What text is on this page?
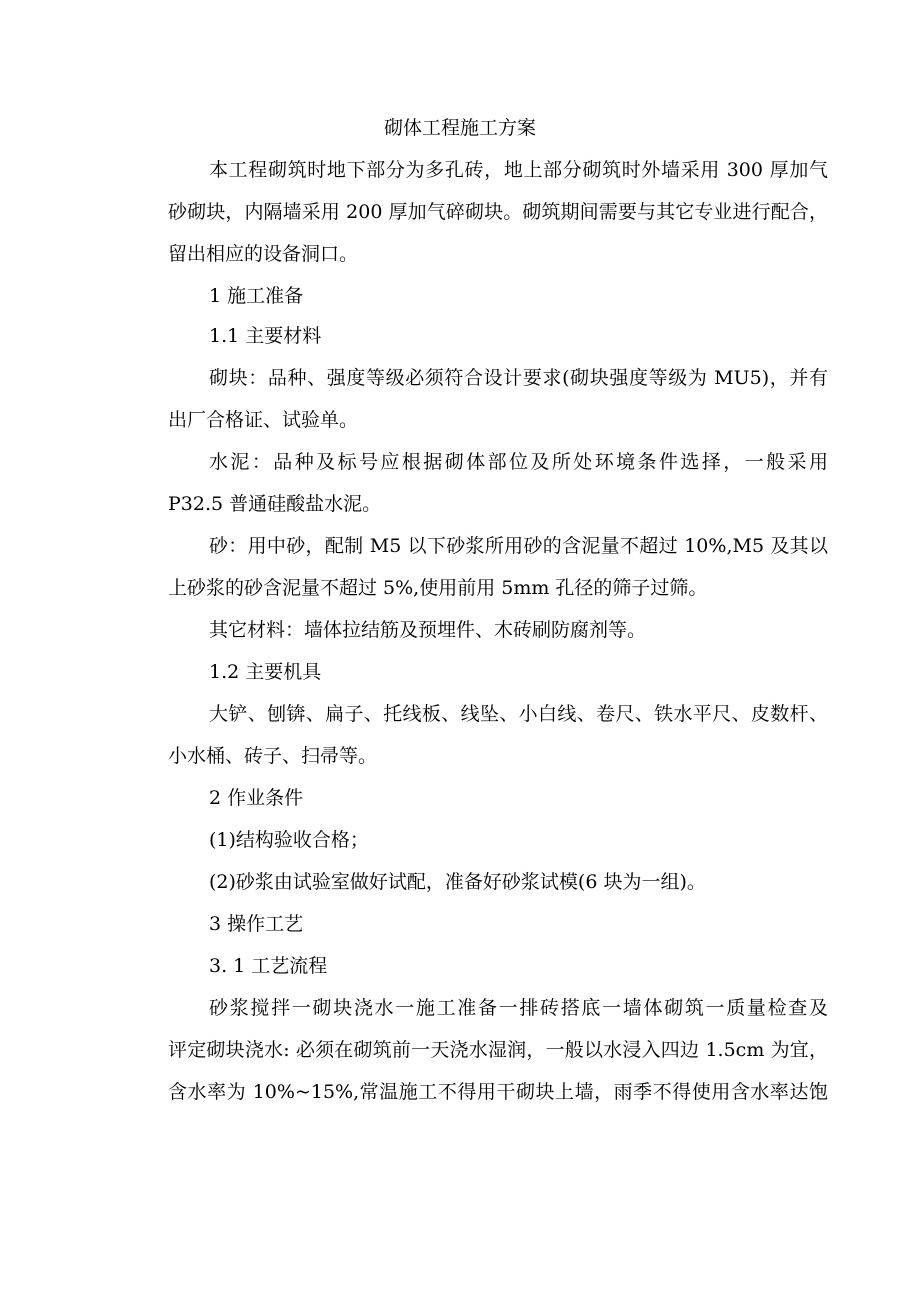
砌体工程施工方案

本工程砌筑时地下部分为多孔砖，地上部分砌筑时外墙采用 300 厚加气

砂砌块，内隔墙采用 200 厚加气碎砌块。砌筑期间需要与其它专业进行配合，

留出相应的设备洞口。

1 施工准备

1.1 主要材料

砌块：品种、强度等级必须符合设计要求(砌块强度等级为 MU5)，并有

出厂合格证、试验单。

水泥：品种及标号应根据砌体部位及所处环境条件选择，一般采用

P32.5 普通硅酸盐水泥。

砂：用中砂，配制 M5 以下砂浆所用砂的含泥量不超过 10%,M5 及其以

上砂浆的砂含泥量不超过 5%,使用前用 5mm 孔径的筛子过筛。

其它材料：墙体拉结筋及预埋件、木砖刷防腐剂等。

1.2 主要机具

大铲、刨锛、扁子、托线板、线坠、小白线、卷尺、铁水平尺、皮数杆、

小水桶、砖子、扫帚等。

2 作业条件

(1)结构验收合格；

(2)砂浆由试验室做好试配，准备好砂浆试模(6 块为一组)。

3 操作工艺

3. 1 工艺流程

砂浆搅拌一砌块浇水一施工准备一排砖搭底一墙体砌筑一质量检查及

评定砌块浇水: 必须在砌筑前一天浇水湿润，一般以水浸入四边 1.5cm 为宜，

含水率为 10%~15%,常温施工不得用干砌块上墙，雨季不得使用含水率达饱
